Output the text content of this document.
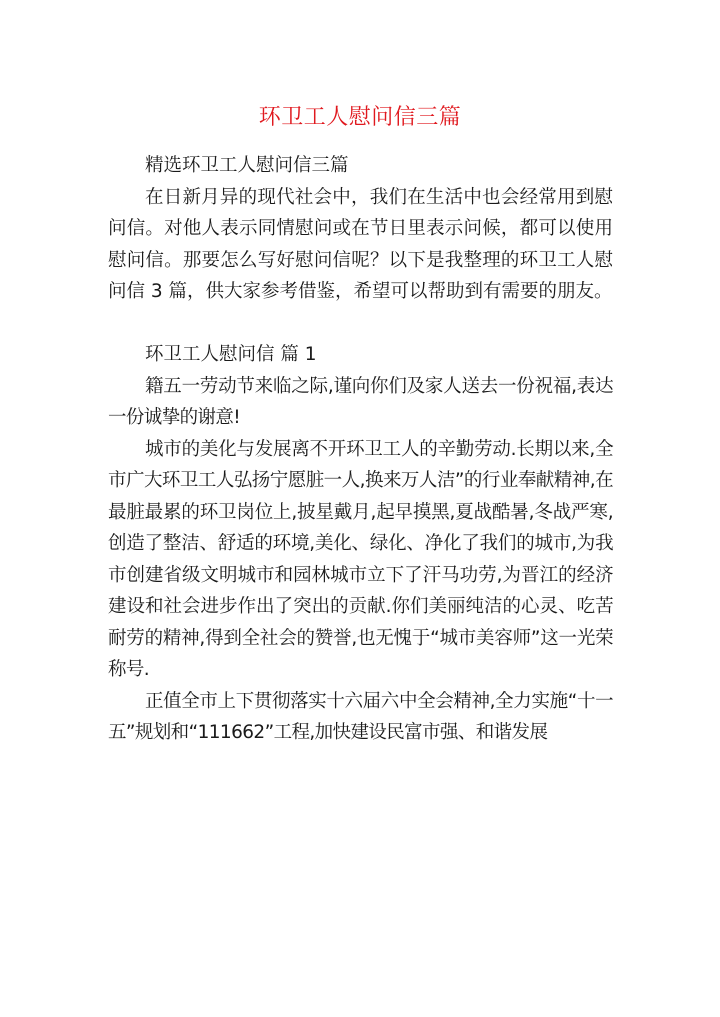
环卫工人慰问信三篇

精选环卫工人慰问信三篇

在日新月异的现代社会中，我们在生活中也会经常用到慰问信。对他人表示同情慰问或在节日里表示问候，都可以使用慰问信。那要怎么写好慰问信呢？以下是我整理的环卫工人慰问信 3 篇，供大家参考借鉴，希望可以帮助到有需要的朋友。

环卫工人慰问信 篇 1

籍五一劳动节来临之际,谨向你们及家人送去一份祝福,表达一份诚挚的谢意!

城市的美化与发展离不开环卫工人的辛勤劳动.长期以来,全市广大环卫工人弘扬宁愿脏一人,换来万人洁”的行业奉献精神,在最脏最累的环卫岗位上,披星戴月,起早摸黑,夏战酷暑,冬战严寒,创造了整洁、舒适的环境,美化、绿化、净化了我们的城市,为我市创建省级文明城市和园林城市立下了汗马功劳,为晋江的经济建设和社会进步作出了突出的贡献.你们美丽纯洁的心灵、吃苦耐劳的精神,得到全社会的赞誉,也无愧于“城市美容师”这一光荣称号.

正值全市上下贯彻落实十六届六中全会精神,全力实施“十一五”规划和“111662”工程,加快建设民富市强、和谐发展
